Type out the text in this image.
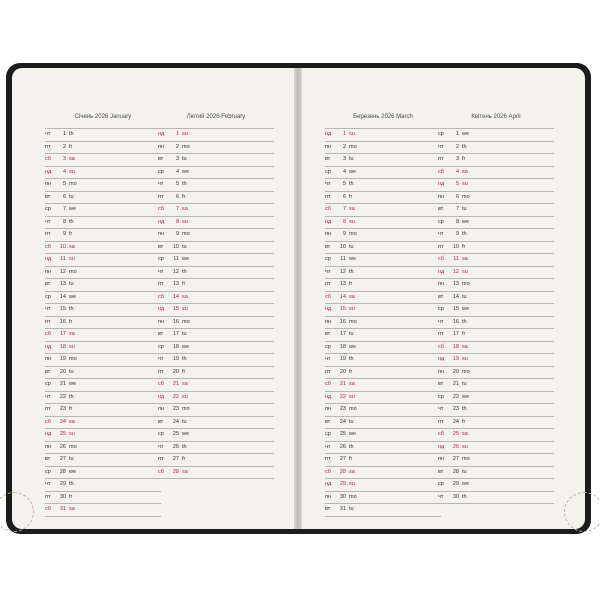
Січень 2026 January
чт	1 th
пт	2 fr
сб	3 sa
нд	4 su
пн	5 mo
вт	6 tu
ср	7 we
чт	8 th
пт	9 fr
сб	10 sa
нд	11 su
пн	12 mo
вт	13 tu
ср	14 we
чт	15 th
пт	16 fr
сб	17 sa
нд	18 su
пн	19 mo
вт	20 tu
ср	21 we
чт	22 th
пт	23 fr
сб	24 sa
нд	25 su
пн	26 mo
вт	27 tu
ср	28 we
чт	29 th
пт	30 fr
сб	31 sa
Лютий 2026 February
нд	1 su
пн	2 mo
вт	3 tu
ср	4 we
чт	5 th
пт	6 fr
сб	7 sa
нд	8 su
пн	9 mo
вт	10 tu
ср	11 we
чт	12 th
пт	13 fr
сб	14 sa
нд	15 su
пн	16 mo
вт	17 tu
ср	18 we
чт	19 th
пт	20 fr
сб	21 sa
нд	22 su
пн	23 mo
вт	24 tu
ср	25 we
чт	26 th
пт	27 fr
сб	28 sa
Березень 2026 March
нд	1 su
пн	2 mo
вт	3 tu
ср	4 we
чт	5 th
пт	6 fr
сб	7 sa
нд	8 su
пн	9 mo
вт	10 tu
ср	11 we
чт	12 th
пт	13 fr
сб	14 sa
нд	15 su
пн	16 mo
вт	17 tu
ср	18 we
чт	19 th
пт	20 fr
сб	21 sa
нд	22 su
пн	23 mo
вт	24 tu
ср	25 we
чт	26 th
пт	27 fr
сб	28 sa
нд	29 su
пн	30 mo
вт	31 tu
Квітень 2026 April
ср	1 we
чт	2 th
пт	3 fr
сб	4 sa
нд	5 su
пн	6 mo
вт	7 tu
ср	8 we
чт	9 th
пт	10 fr
сб	11 sa
нд	12 su
пн	13 mo
вт	14 tu
ср	15 we
чт	16 th
пт	17 fr
сб	18 sa
нд	19 su
пн	20 mo
вт	21 tu
ср	22 we
чт	23 th
пт	24 fr
сб	25 sa
нд	26 su
пн	27 mo
вт	28 tu
ср	29 we
чт	30 th
